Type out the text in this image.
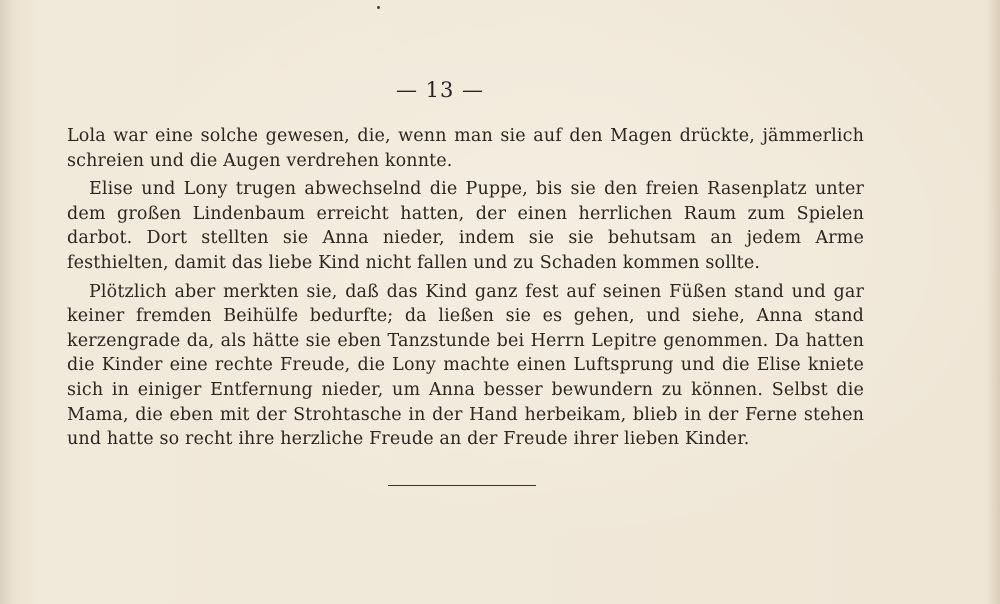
— 13 —

Lola war eine solche gewesen, die, wenn man sie auf den Magen drückte, jämmerlich schreien und die Augen verdrehen konnte.

Elise und Lony trugen abwechselnd die Puppe, bis sie den freien Rasenplatz unter dem großen Lindenbaum erreicht hatten, der einen herrlichen Raum zum Spielen darbot. Dort stellten sie Anna nieder, indem sie sie behutsam an jedem Arme festhielten, damit das liebe Kind nicht fallen und zu Schaden kommen sollte.

Plötzlich aber merkten sie, daß das Kind ganz fest auf seinen Füßen stand und gar keiner fremden Beihülfe bedurfte; da ließen sie es gehen, und siehe, Anna stand kerzengrade da, als hätte sie eben Tanzstunde bei Herrn Lepitre genommen. Da hatten die Kinder eine rechte Freude, die Lony machte einen Luftsprung und die Elise kniete sich in einiger Entfernung nieder, um Anna besser bewundern zu können. Selbst die Mama, die eben mit der Strohtasche in der Hand herbeikam, blieb in der Ferne stehen und hatte so recht ihre herzliche Freude an der Freude ihrer lieben Kinder.
